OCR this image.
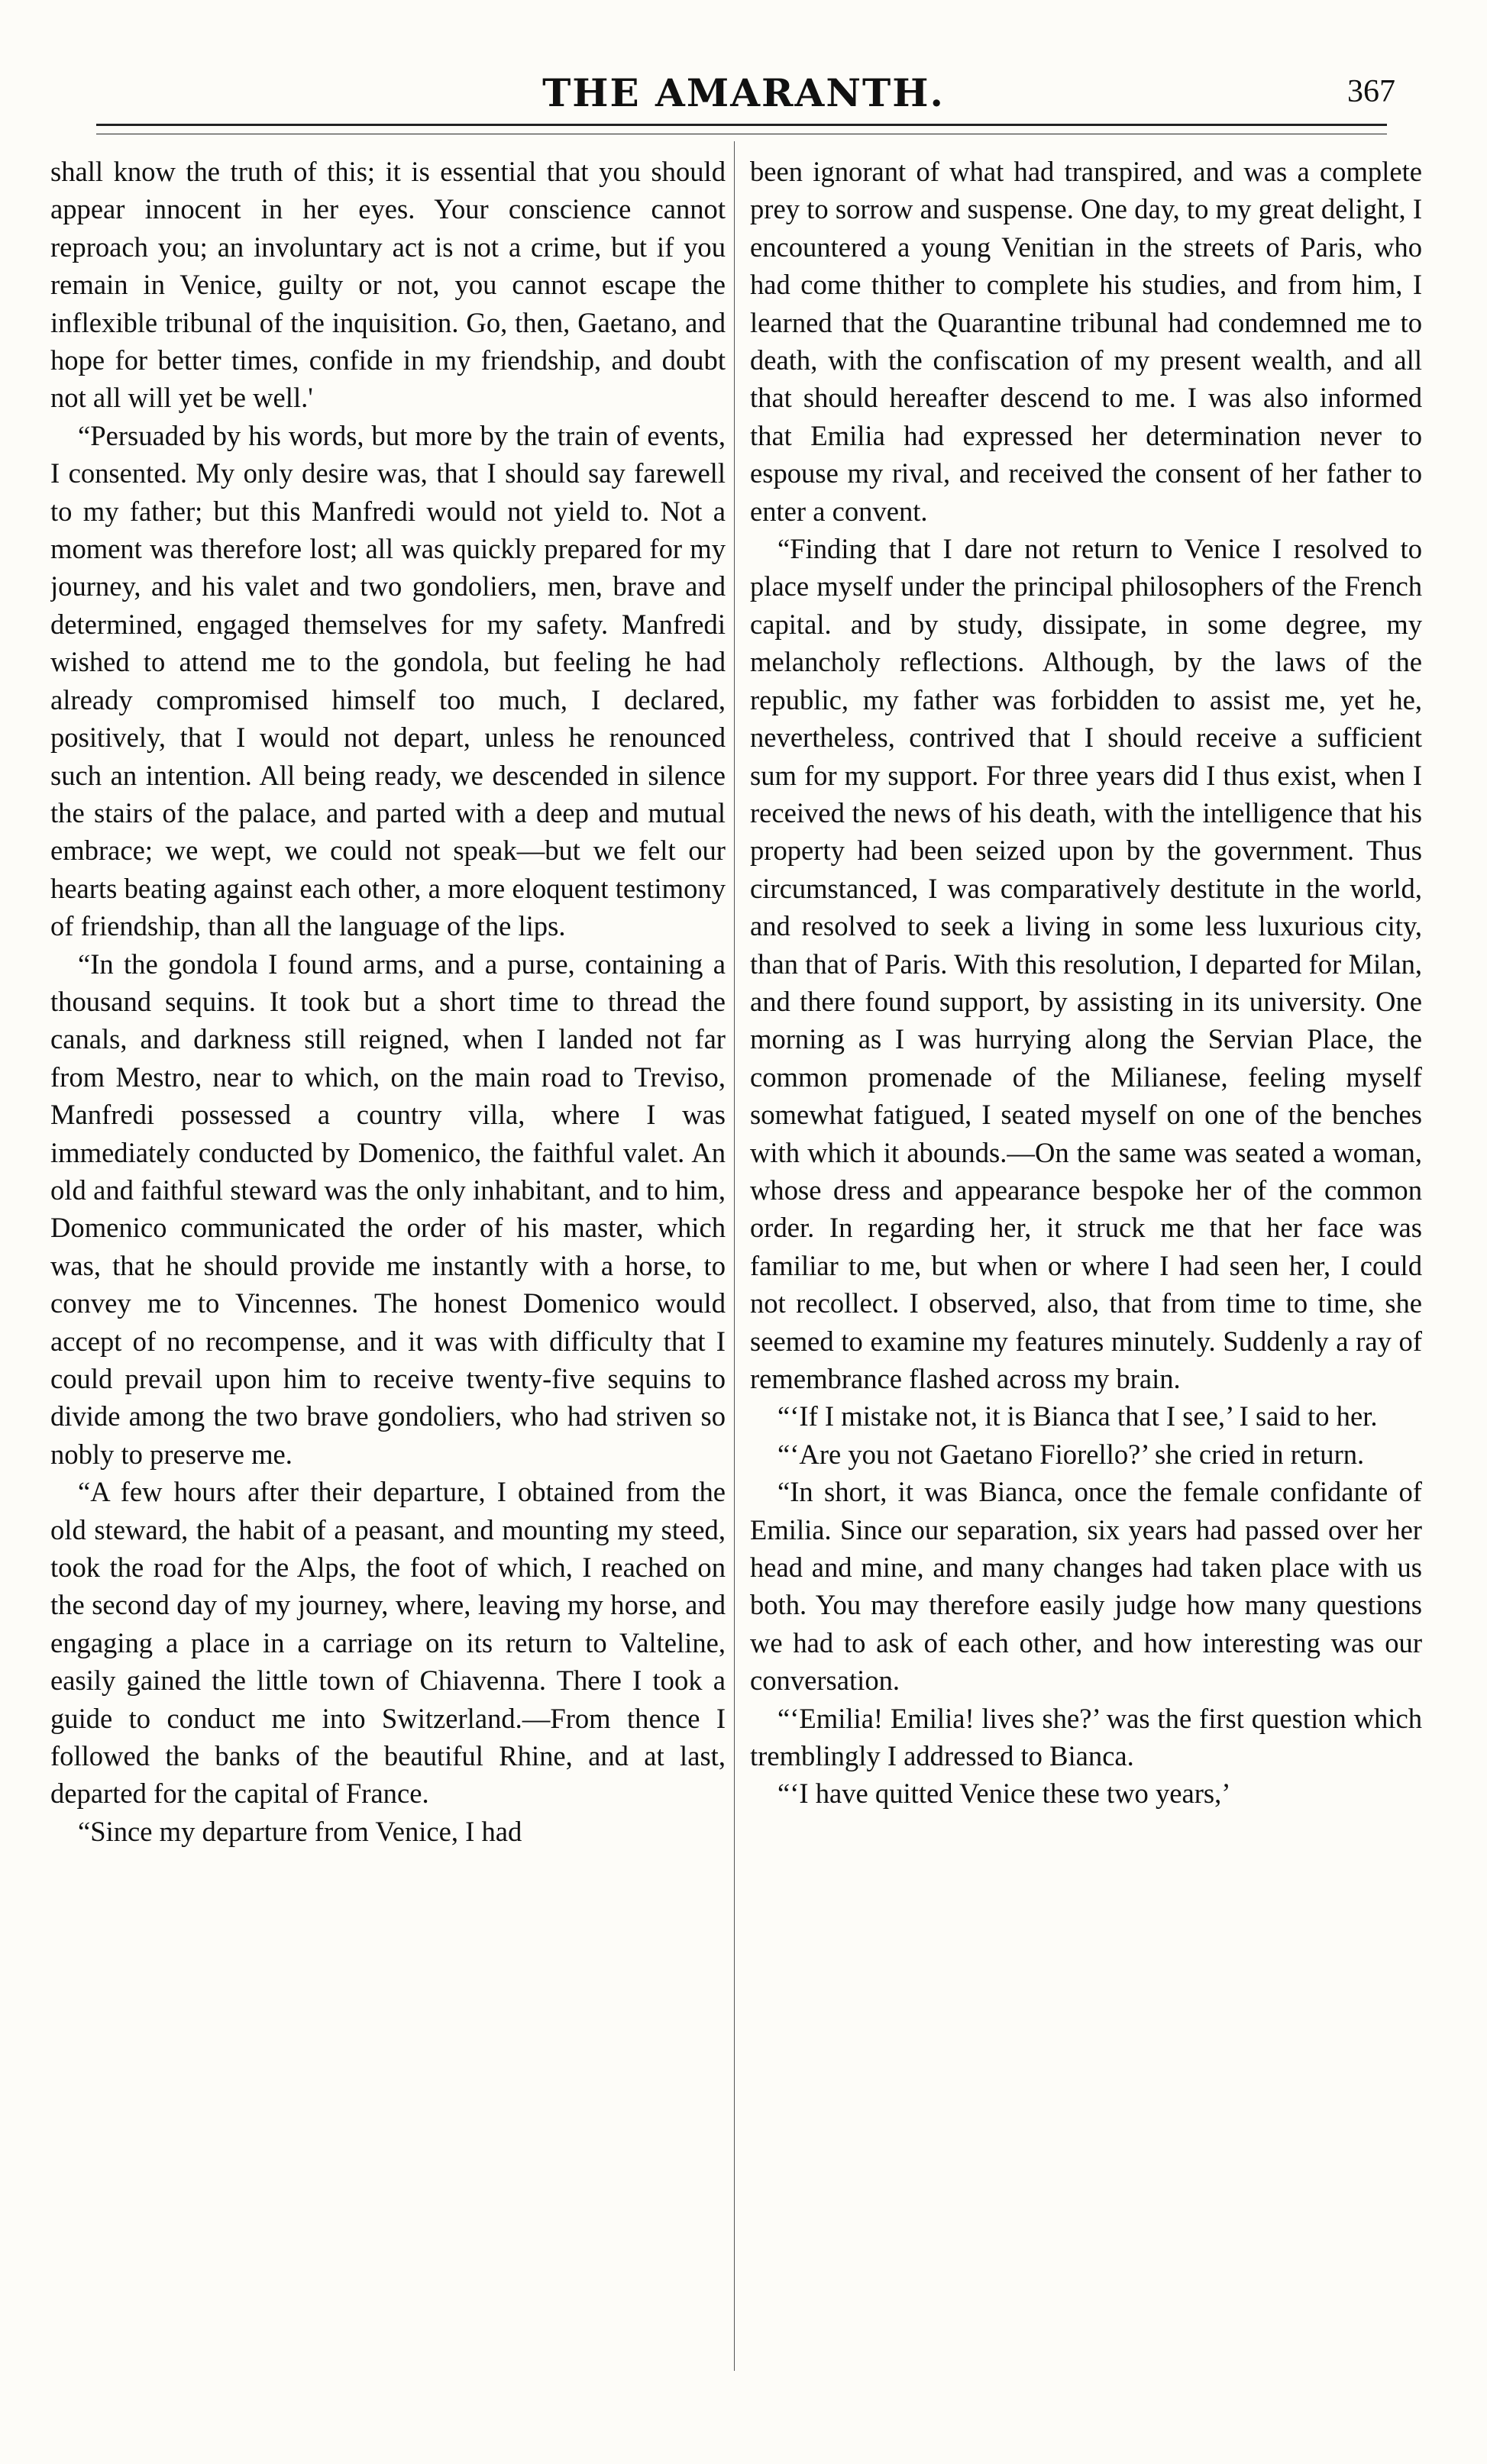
THE AMARANTH.	367

shall know the truth of this; it is essential that you should appear innocent in her eyes. Your conscience cannot reproach you; an involuntary act is not a crime, but if you remain in Venice, guilty or not, you cannot escape the inflexible tribunal of the inquisition. Go, then, Gaetano, and hope for better times, confide in my friendship, and doubt not all will yet be well.'

“Persuaded by his words, but more by the train of events, I consented. My only desire was, that I should say farewell to my father; but this Manfredi would not yield to. Not a moment was therefore lost; all was quickly prepared for my journey, and his valet and two gondoliers, men, brave and determined, engaged themselves for my safety. Manfredi wished to attend me to the gondola, but feeling he had already compromised himself too much, I declared, positively, that I would not depart, unless he renounced such an intention. All being ready, we descended in silence the stairs of the palace, and parted with a deep and mutual embrace; we wept, we could not speak—but we felt our hearts beating against each other, a more eloquent testimony of friendship, than all the language of the lips.

“In the gondola I found arms, and a purse, containing a thousand sequins. It took but a short time to thread the canals, and darkness still reigned, when I landed not far from Mestro, near to which, on the main road to Treviso, Manfredi possessed a country villa, where I was immediately conducted by Domenico, the faithful valet. An old and faithful steward was the only inhabitant, and to him, Domenico communicated the order of his master, which was, that he should provide me instantly with a horse, to convey me to Vincennes. The honest Domenico would accept of no recompense, and it was with difficulty that I could prevail upon him to receive twenty-five sequins to divide among the two brave gondoliers, who had striven so nobly to preserve me.

“A few hours after their departure, I obtained from the old steward, the habit of a peasant, and mounting my steed, took the road for the Alps, the foot of which, I reached on the second day of my journey, where, leaving my horse, and engaging a place in a carriage on its return to Valteline, easily gained the little town of Chiavenna. There I took a guide to conduct me into Switzerland.—From thence I followed the banks of the beautiful Rhine, and at last, departed for the capital of France.

“Since my departure from Venice, I had

been ignorant of what had transpired, and was a complete prey to sorrow and suspense. One day, to my great delight, I encountered a young Venitian in the streets of Paris, who had come thither to complete his studies, and from him, I learned that the Quarantine tribunal had condemned me to death, with the confiscation of my present wealth, and all that should hereafter descend to me. I was also informed that Emilia had expressed her determination never to espouse my rival, and received the consent of her father to enter a convent.

“Finding that I dare not return to Venice I resolved to place myself under the principal philosophers of the French capital. and by study, dissipate, in some degree, my melancholy reflections. Although, by the laws of the republic, my father was forbidden to assist me, yet he, nevertheless, contrived that I should receive a sufficient sum for my support. For three years did I thus exist, when I received the news of his death, with the intelligence that his property had been seized upon by the government. Thus circumstanced, I was comparatively destitute in the world, and resolved to seek a living in some less luxurious city, than that of Paris. With this resolution, I departed for Milan, and there found support, by assisting in its university. One morning as I was hurrying along the Servian Place, the common promenade of the Milianese, feeling myself somewhat fatigued, I seated myself on one of the benches with which it abounds.—On the same was seated a woman, whose dress and appearance bespoke her of the common order. In regarding her, it struck me that her face was familiar to me, but when or where I had seen her, I could not recollect. I observed, also, that from time to time, she seemed to examine my features minutely. Suddenly a ray of remembrance flashed across my brain.

“‘If I mistake not, it is Bianca that I see,’ I said to her.

“‘Are you not Gaetano Fiorello?’ she cried in return.

“In short, it was Bianca, once the female confidante of Emilia. Since our separation, six years had passed over her head and mine, and many changes had taken place with us both. You may therefore easily judge how many questions we had to ask of each other, and how interesting was our conversation.

“‘Emilia! Emilia! lives she?’ was the first question which tremblingly I addressed to Bianca.

“‘I have quitted Venice these two years,’
